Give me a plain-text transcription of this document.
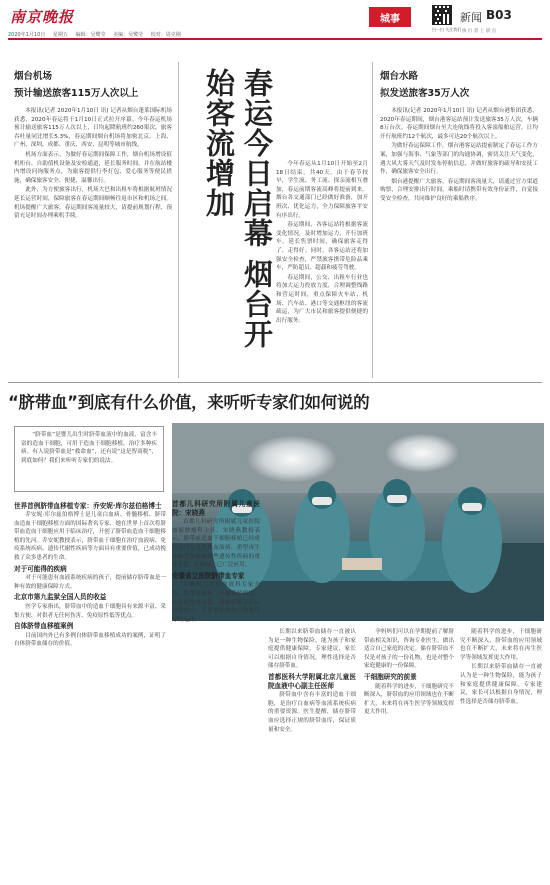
南京晚报
2020年1月10日 星期五 编辑：吴鹭莹 美编：吴鹭莹 校对：周克刚
城事
扫一扫 关注我们
新闻 B03
执 行 者 上 晨 点
烟台机场
预计输送旅客115万人次以上

本报讯(记者 2020年1月10日 讯) 记者从烟台蓬莱国际机场获悉，2020年春运将于1月10日正式拉开序幕。今年春运机场预计输送旅客115万人次以上，日均起降航班约260架次，旅客吞吐量同比增长5.3%，春运期间烟台机场将加密北京、上海、广州、深圳、成都、重庆、西安、昆明等城市航线。

机场方面表示，为做好春运期间保障工作，烟台机场增设值机柜台、自助值机设备及安检通道，延长服务时间，并在航站楼内增设问询服务点，为旅客提供行李打包、爱心服务等便民措施，确保旅客安全、便捷、温馨出行。

此外，为方便旅客出行，机场大巴和出租车将根据航班情况延长运营时间，保障旅客在春运期间顺畅往返市区和机场之间。机场提醒广大旅客，春运期间客流量较大，请提前规划行程，预留充足时间办理乘机手续。	春运今日启幕 烟台开始客流增加	今年春运从1月10日开始至2月18日结束，共40天。由于春节较早，学生流、务工流、探亲流相互叠加，春运前期客流高峰将提前到来。烟台各交通部门已经做好准备，加开班次、优化运力，全力保障旅客平安有序出行。

春运期间，各客运站将根据客流变化情况，及时增加运力，开行加班车，延长售票时间，确保旅客走得了、走得好。同时，各客运站还将加强安全检查，严禁旅客携带危险品乘车，严防超员、超载和疲劳驾驶。

春运期间，公交、出租车行业也将加大运力投放力度，合理调整线路和营运时间，重点保障火车站、机场、汽车站、港口等交通枢纽的客流疏运，为广大市民和旅客提供便捷的出行服务。

烟台水路
拟发送旅客35万人次

本报讯(记者 2020年1月10日 讯) 记者从烟台港集团获悉，2020年春运期间，烟台港客运站预计发送旅客35万人次，车辆8万台次。春运期间烟台至大连航线将投入客滚船舶运营，日均开行航班约12个航次，最多可达20个航次以上。

为做好春运保障工作，烟台港客运站提前制定了春运工作方案，加强与海事、气象等部门的沟通协调，密切关注天气变化，遇大风大雾天气及时发布停航信息，并做好旅客的疏导和安抚工作，确保旅客安全出行。

烟台港提醒广大旅客，春运期间客流量大，请通过官方渠道购票，合理安排出行时间，乘船时请携带有效身份证件，自觉接受安全检查，共同维护良好的乘船秩序。

“脐带血”到底有什么价值，来听听专家们如何说的
“脐带血”是婴儿出生时脐带血液中的血液，富含丰富的造血干细胞，可用于造血干细胞移植，治疗多种疾病。有人说脐带血是“救命血”，还有说“这是智商税”，到底如何？我们来听听专家们的说法。
世界首例脐带血移植专家：乔安妮·库尔兹伯格博士

乔安妮·库尔兹伯格博士是儿童白血病、骨髓移植、脐带血造血干细胞移植方面的国际著名专家，她在世界上首次将脐带血造血干细胞应用于临床治疗，开创了脐带血造血干细胞移植的先河。乔安妮教授表示，脐带血干细胞在治疗血液病、免疫系统疾病、遗传代谢性疾病等方面具有重要价值，已成功挽救了众多患者的生命。

对于可能得的疾病

对于可能患有血液系统疾病的孩子，提前储存脐带血是一种有效的健康保障方式。

北京市第九监狱全国人员的收益

医学专家指出，脐带血中的造血干细胞具有来源丰富、采集方便、对供者无任何伤害、免疫原性低等优点。

自体脐带血移植案例

目前国内外已有多例自体脐带血移植成功的案例，证明了自体脐带血储存的价值。

首都儿科研究所附属儿童医院：宋晓燕

首都儿科研究所附属儿童医院血液肿瘤科主任、宋晓燕教授表示，脐带血造血干细胞移植已经成为治疗儿童恶性血液病、重型再生障碍性贫血和某些遗传性疾病的重要手段，在临床上已广泛应用。

安徽省立医院脐带血专家

安徽省立医院血液科专家介绍，脐带血移植与骨髓移植相比，具有配型要求低、移植后排异反应轻等优点，对患者来说是一种非常好的选择。

长期以来脐带血储存一直被认为是一种生物保险，能为孩子和家庭提供健康保障。专家建议，家长可以根据自身情况，理性选择是否储存脐带血。

首都医科大学附属北京儿童医院血液中心副主任医师

脐带血中含有丰富的造血干细胞，是治疗白血病等血液系统疾病的重要资源。医生提醒，储存脐带血应选择正规的脐带血库，保证质量和安全。

孕妈妈们可以在孕期提前了解脐带血相关知识，咨询专业医生，做出适合自己家庭的决定。储存脐带血不仅是对孩子的一份礼物，也是对整个家庭健康的一份保障。

干细胞研究的前景

随着科学的进步，干细胞研究不断深入，脐带血的应用领域也在不断扩大，未来将在再生医学等领域发挥更大作用。

随着科学的进步，干细胞研究不断深入，脐带血的应用领域也在不断扩大，未来将在再生医学等领域发挥更大作用。

长期以来脐带血储存一直被认为是一种生物保险，能为孩子和家庭提供健康保障。专家建议，家长可以根据自身情况，理性选择是否储存脐带血。
